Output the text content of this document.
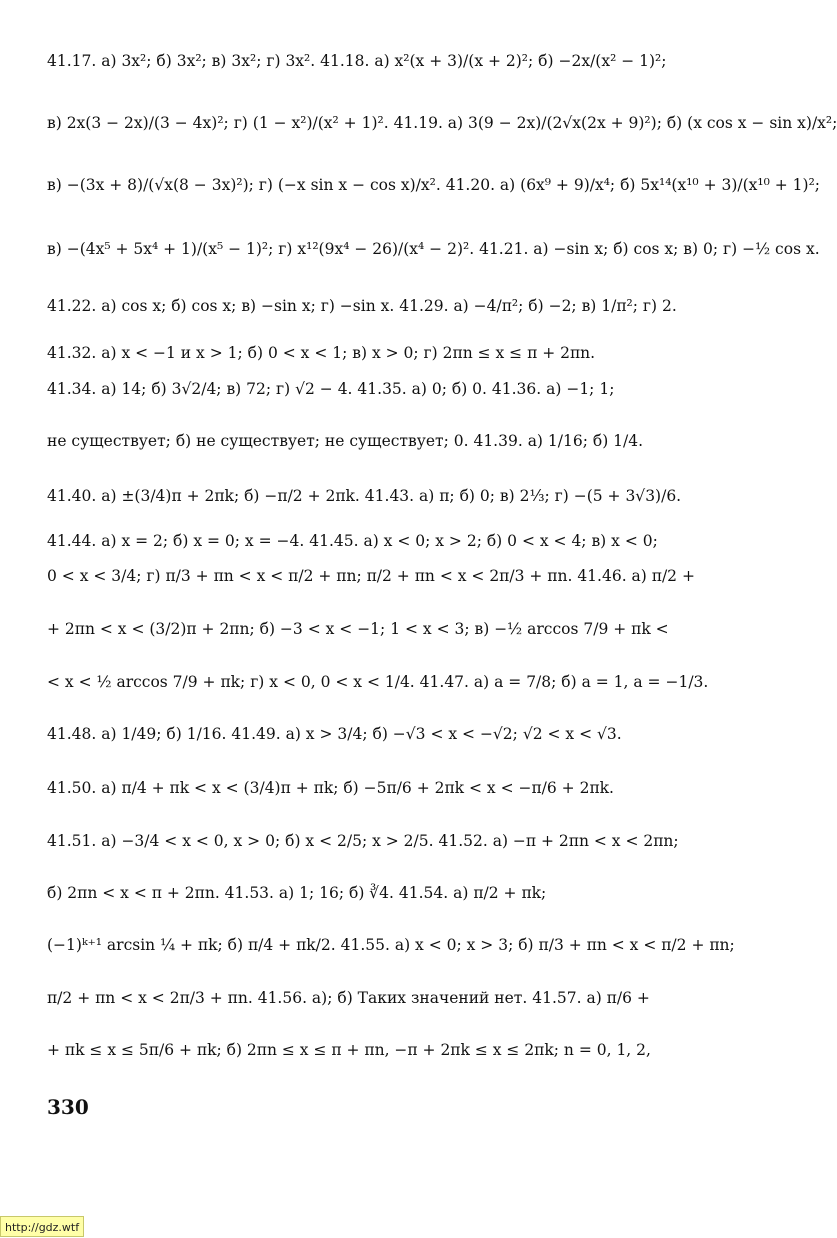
41.17. а) 3x²; б) 3x²; в) 3x²; г) 3x². 41.18. а) x²(x + 3)/(x + 2)²; б) −2x/(x² − 1)²;
в) 2x(3 − 2x)/(3 − 4x)²; г) (1 − x²)/(x² + 1)². 41.19. а) 3(9 − 2x)/(2√x(2x + 9)²); б) (x cos x − sin x)/x²;
в) −(3x + 8)/(√x(8 − 3x)²); г) (−x sin x − cos x)/x². 41.20. а) (6x⁹ + 9)/x⁴; б) 5x¹⁴(x¹⁰ + 3)/(x¹⁰ + 1)²;
в) −(4x⁵ + 5x⁴ + 1)/(x⁵ − 1)²; г) x¹²(9x⁴ − 26)/(x⁴ − 2)². 41.21. а) −sin x; б) cos x; в) 0; г) −½ cos x.
41.22. а) cos x; б) cos x; в) −sin x; г) −sin x. 41.29. а) −4/π²; б) −2; в) 1/π²; г) 2.
41.32. а) x < −1 и x > 1; б) 0 < x < 1; в) x > 0; г) 2πn ≤ x ≤ π + 2πn.
41.34. а) 14; б) 3√2/4; в) 72; г) √2 − 4. 41.35. а) 0; б) 0. 41.36. а) −1; 1;
не существует; б) не существует; не существует; 0. 41.39. а) 1/16; б) 1/4.
41.40. а) ±(3/4)π + 2πk; б) −π/2 + 2πk. 41.43. а) π; б) 0; в) 2⅓; г) −(5 + 3√3)/6.
41.44. а) x = 2; б) x = 0; x = −4. 41.45. а) x < 0; x > 2; б) 0 < x < 4; в) x < 0;
0 < x < 3/4; г) π/3 + πn < x < π/2 + πn; π/2 + πn < x < 2π/3 + πn. 41.46. а) π/2 +
+ 2πn < x < (3/2)π + 2πn; б) −3 < x < −1; 1 < x < 3; в) −½ arccos 7/9 + πk <
< x < ½ arccos 7/9 + πk; г) x < 0, 0 < x < 1/4. 41.47. а) a = 7/8; б) a = 1, a = −1/3.
41.48. а) 1/49; б) 1/16. 41.49. а) x > 3/4; б) −√3 < x < −√2; √2 < x < √3.
41.50. а) π/4 + πk < x < (3/4)π + πk; б) −5π/6 + 2πk < x < −π/6 + 2πk.
41.51. а) −3/4 < x < 0, x > 0; б) x < 2/5; x > 2/5. 41.52. а) −π + 2πn < x < 2πn;
б) 2πn < x < π + 2πn. 41.53. а) 1; 16; б) ∛4. 41.54. а) π/2 + πk;
(−1)ᵏ⁺¹ arcsin ¼ + πk; б) π/4 + πk/2. 41.55. а) x < 0; x > 3; б) π/3 + πn < x < π/2 + πn;
π/2 + πn < x < 2π/3 + πn. 41.56. а); б) Таких значений нет. 41.57. а) π/6 +
+ πk ≤ x ≤ 5π/6 + πk; б) 2πn ≤ x ≤ π + πn, −π + 2πk ≤ x ≤ 2πk; n = 0, 1, 2,
330
http://gdz.wtf
